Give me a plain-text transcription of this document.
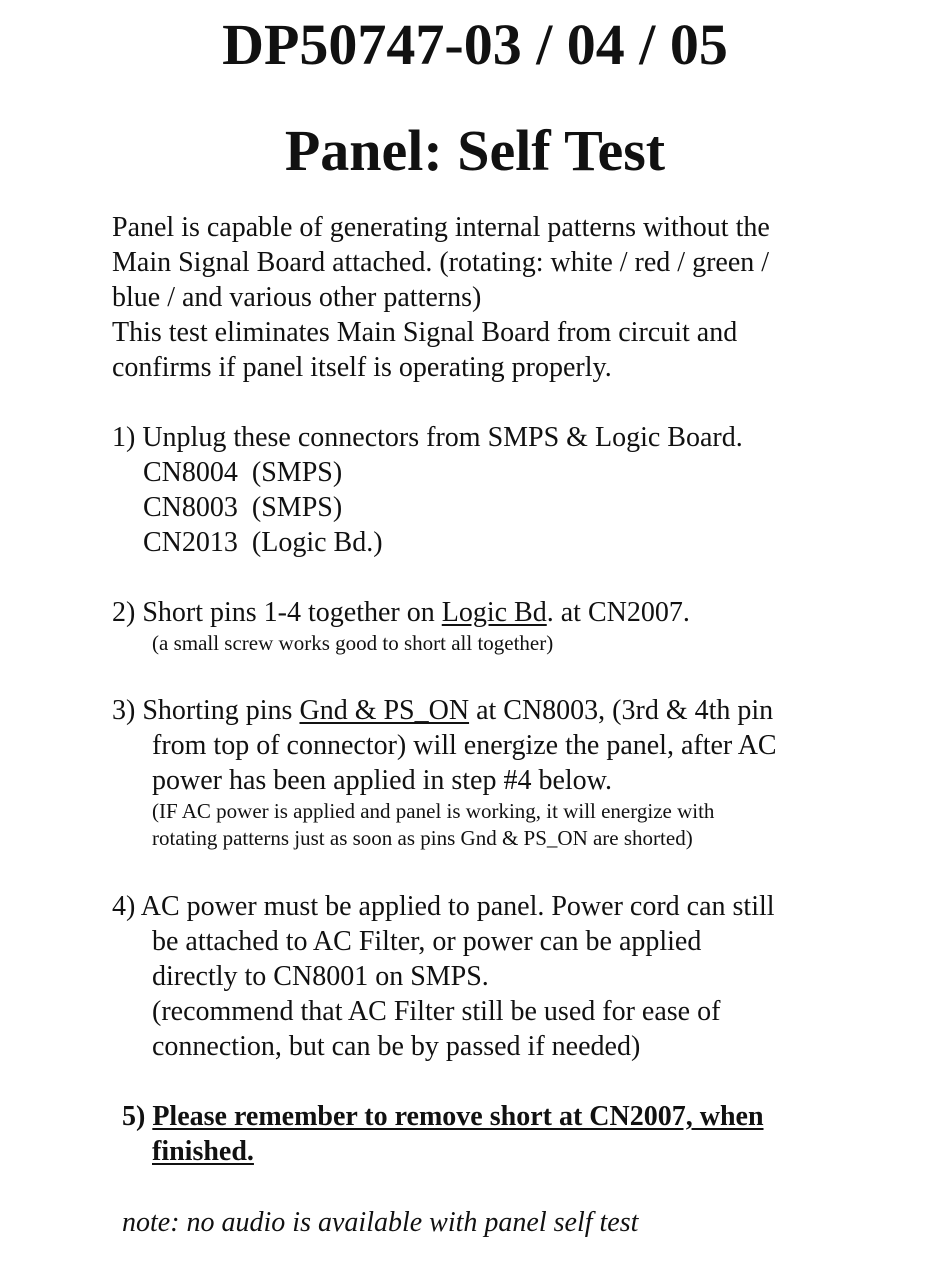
DP50747-03 / 04 / 05
Panel: Self Test
Panel is capable of generating internal patterns without the
Main Signal Board attached. (rotating: white / red / green /
blue / and various other patterns)
This test eliminates Main Signal Board from circuit and
confirms if panel itself is operating properly.
1) Unplug these connectors from SMPS & Logic Board.
CN8004  (SMPS)
CN8003  (SMPS)
CN2013  (Logic Bd.)
2) Short pins 1-4 together on Logic Bd. at CN2007.
(a small screw works good to short all together)
3) Shorting pins Gnd & PS_ON at CN8003, (3rd & 4th pin
from top of connector) will energize the panel, after AC
power has been applied in step #4 below.
(IF AC power is applied and panel is working, it will energize with
rotating patterns just as soon as pins Gnd & PS_ON are shorted)
4) AC power must be applied to panel. Power cord can still
be attached to AC Filter, or power can be applied
directly to CN8001 on SMPS.
(recommend that AC Filter still be used for ease of
connection, but can be by passed if needed)
5) Please remember to remove short at CN2007, when
finished.
note: no audio is available with panel self test
